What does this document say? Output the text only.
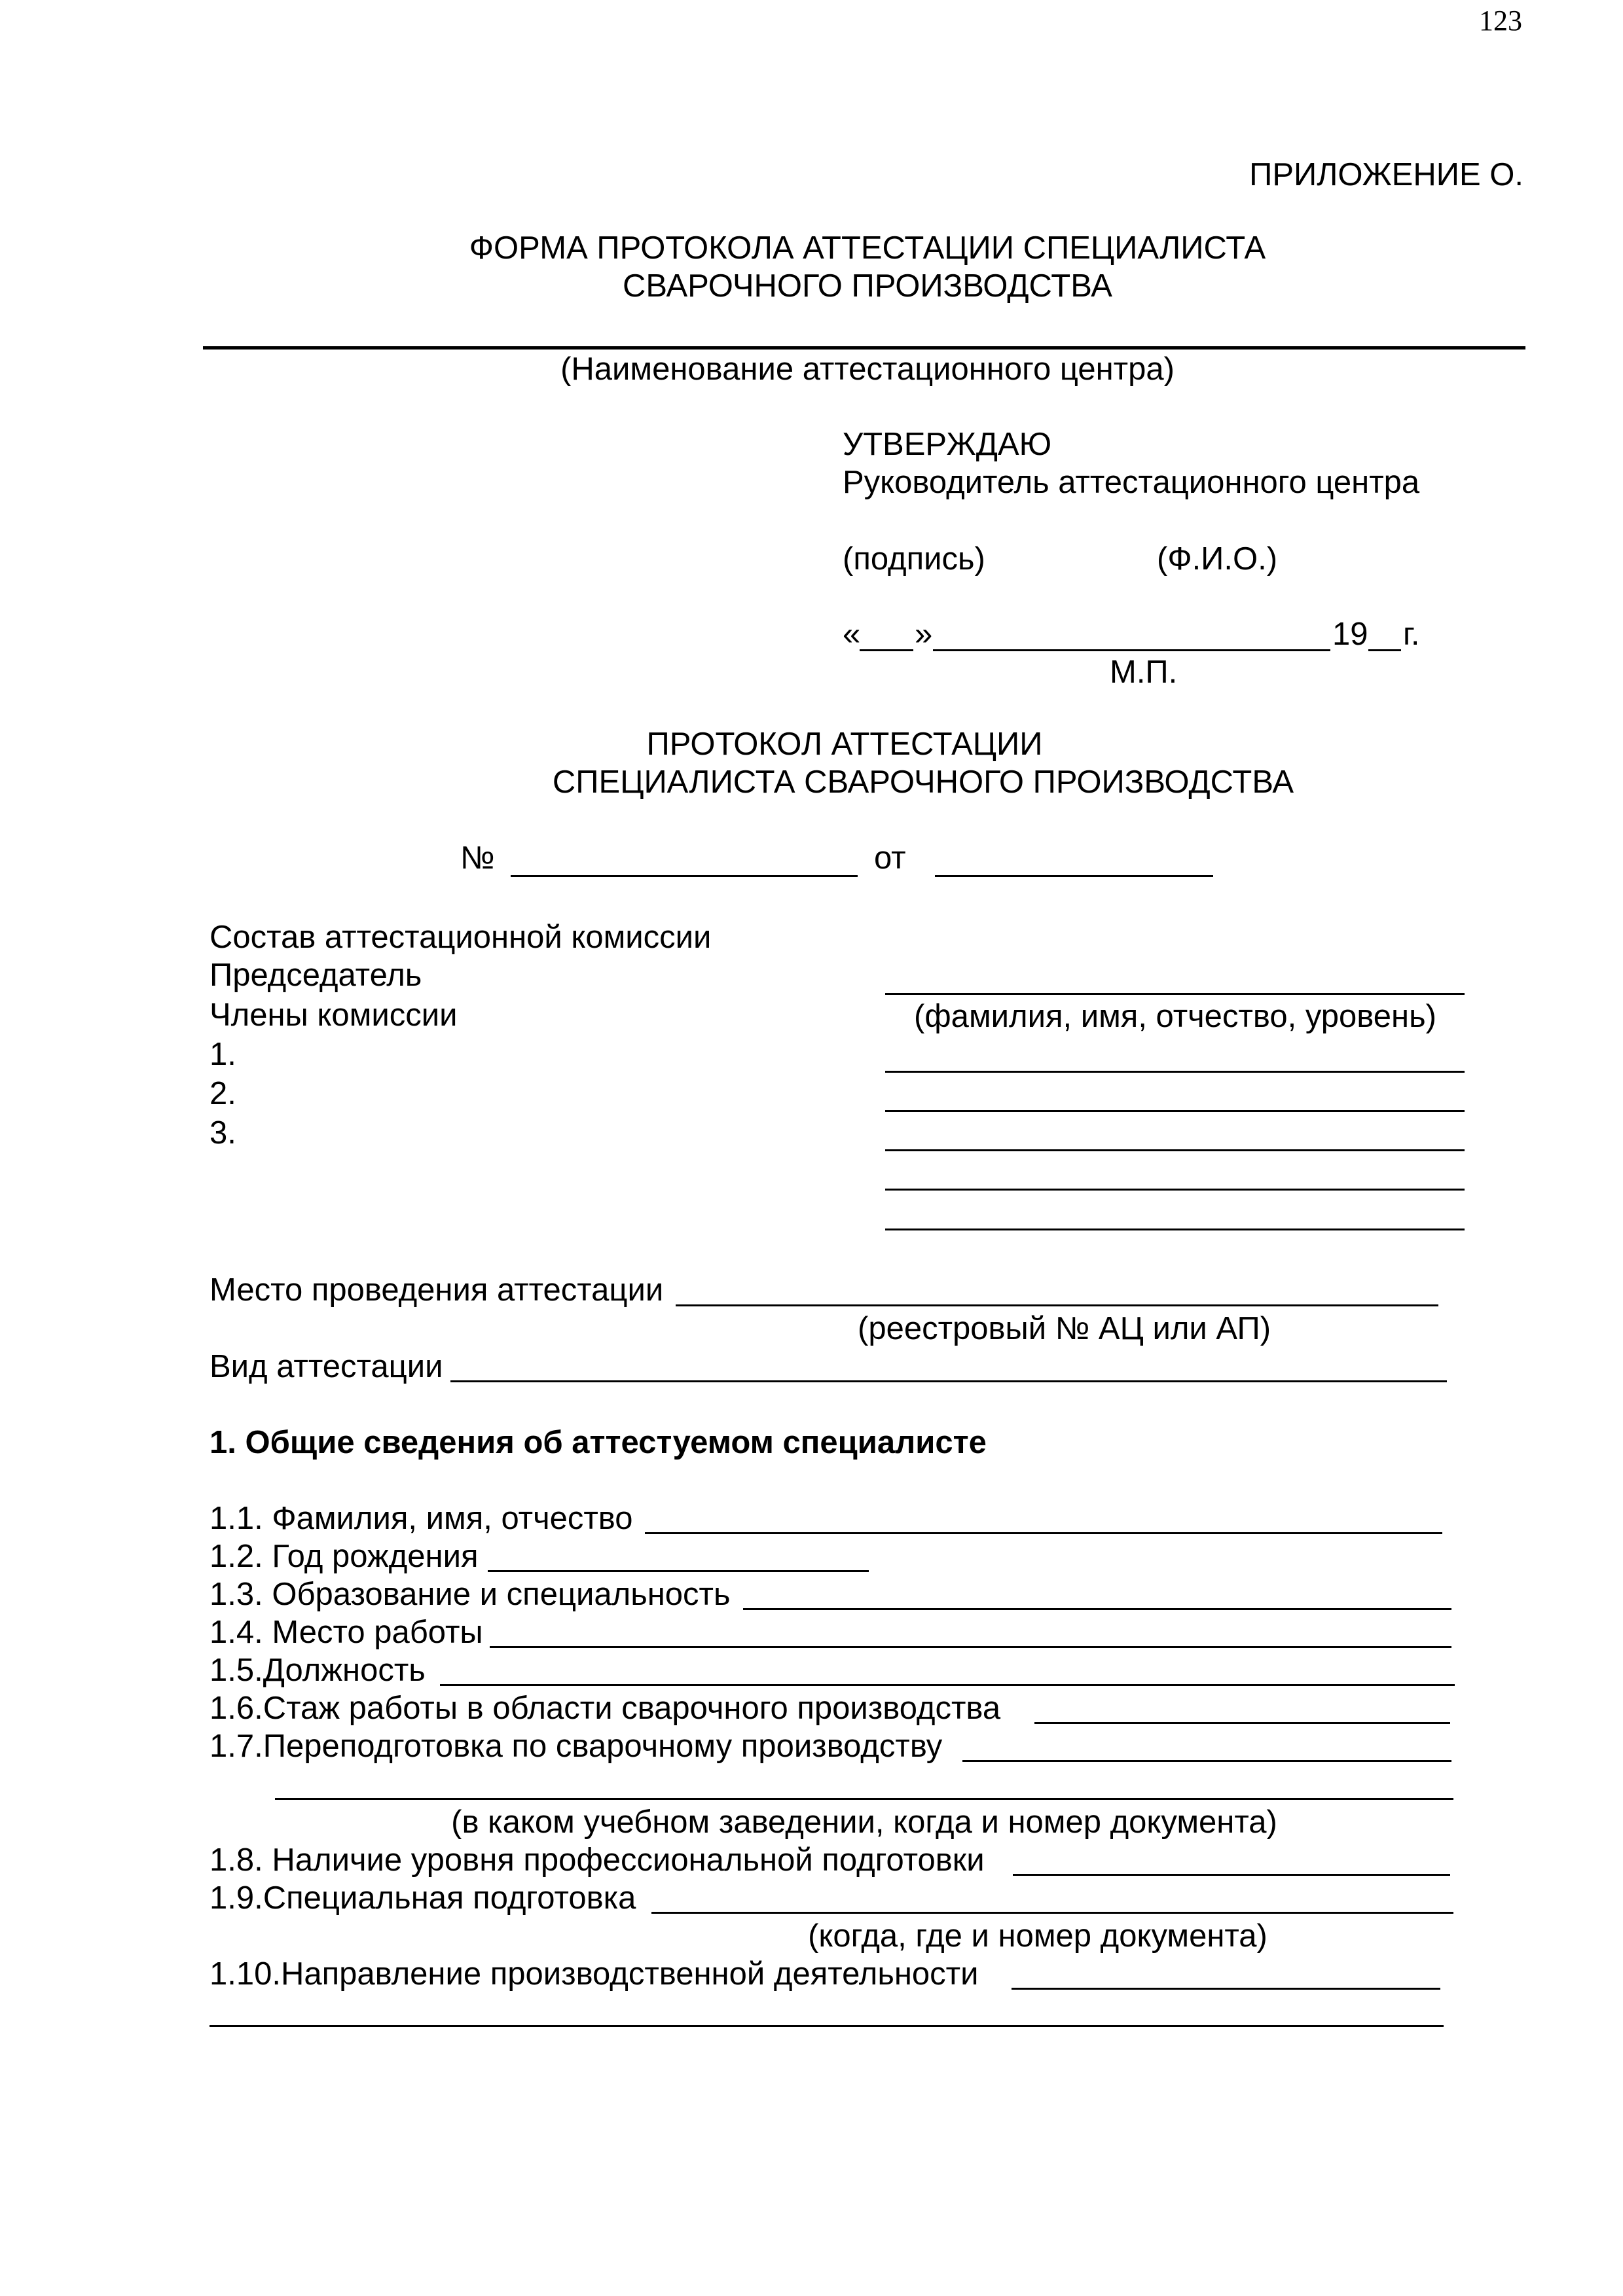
123
ПРИЛОЖЕНИЕ О.
ФОРМА ПРОТОКОЛА АТТЕСТАЦИИ СПЕЦИАЛИСТА
СВАРОЧНОГО ПРОИЗВОДСТВА
(Наименование аттестационного центра)
УТВЕРЖДАЮ
Руководитель аттестационного центра
(подпись)	(Ф.И.О.)
« »	19 г.
М.П.
ПРОТОКОЛ АТТЕСТАЦИИ
СПЕЦИАЛИСТА СВАРОЧНОГО ПРОИЗВОДСТВА
№	от
Состав аттестационной комиссии
Председатель
Члены комиссии
1.
2.
3.
(фамилия, имя, отчество, уровень)
Место проведения аттестации
(реестровый № АЦ или АП)
Вид аттестации
1. Общие сведения об аттестуемом специалисте
1.1. Фамилия, имя, отчество
1.2. Год рождения
1.3. Образование и специальность
1.4. Место работы
1.5.Должность
1.6.Стаж работы в области сварочного производства
1.7.Переподготовка по сварочному производству
(в каком учебном заведении, когда и номер документа)
1.8. Наличие уровня профессиональной подготовки
1.9.Специальная подготовка
(когда, где и номер документа)
1.10.Направление производственной деятельности
